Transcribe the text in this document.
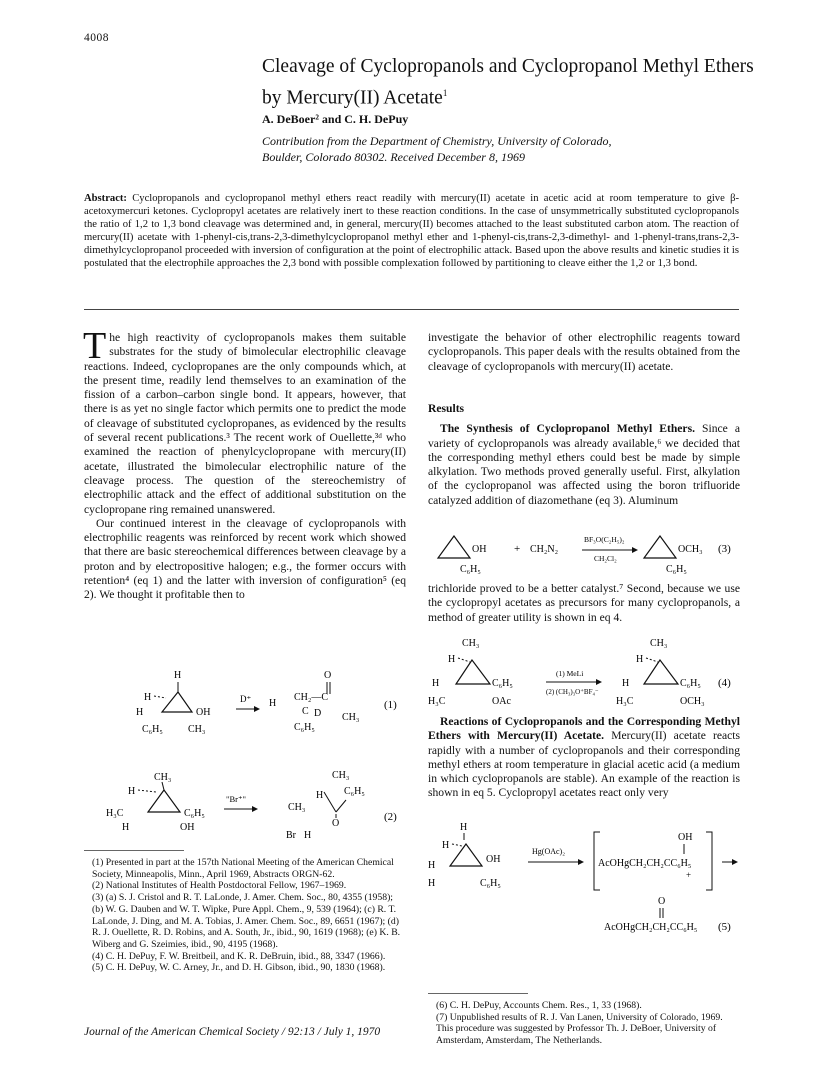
4008
Cleavage of Cyclopropanols and Cyclopropanol Methyl Ethers
by Mercury(II) Acetate$^1$
A. DeBoer² and C. H. DePuy
Contribution from the Department of Chemistry, University of Colorado,
Boulder, Colorado 80302. Received December 8, 1969
Abstract: Cyclopropanols and cyclopropanol methyl ethers react readily with mercury(II) acetate in acetic acid at room temperature to give β-acetoxymercuri ketones. Cyclopropyl acetates are relatively inert to these reaction conditions. In the case of unsymmetrically substituted cyclopropanols the ratio of 1,2 to 1,3 bond cleavage was determined and, in general, mercury(II) becomes attached to the least substituted carbon atom. The reaction of mercury(II) acetate with 1-phenyl-cis,trans-2,3-dimethylcyclopropanol methyl ether and 1-phenyl-cis,trans-2,3-dimethyl- and 1-phenyl-trans,trans-2,3-dimethylcyclopropanol proceeded with inversion of configuration at the point of electrophilic attack. Based upon the above results and kinetic studies it is postulated that the electrophile approaches the 2,3 bond with possible complexation followed by partitioning to cleave either the 1,2 or 1,3 bond.

The high reactivity of cyclopropanols makes them suitable substrates for the study of bimolecular electrophilic cleavage reactions. Indeed, cyclopropanes are the only compounds which, at the present time, readily lend themselves to an examination of the fission of a carbon–carbon single bond. It appears, however, that there is as yet no single factor which permits one to predict the mode of cleavage of substituted cyclopropanes, as evidenced by the results of several recent publications.³ The recent work of Ouellette,³ᵈ who examined the reaction of phenylcyclopropane with mercury(II) acetate, illustrated the bimolecular electrophilic nature of the cleavage process. The question of the stereochemistry of electrophilic attack and the effect of additional substitution on the cyclopropane ring remained unanswered.

Our continued interest in the cleavage of cyclopropanols with electrophilic reagents was reinforced by recent work which showed that there are basic stereochemical differences between cleavage by a proton and by electropositive halogen; e.g., the former occurs with retention⁴ (eq 1) and the latter with inversion of configuration⁵ (eq 2). We thought it profitable then to

H
H
H	OH
C₆H₅	CH₃
D⁺
O
H
CH₂—C
C D CH₃
C₆H₅
(1)
D⁺
CH₃
H
H₃C	C₆H₅
H	OH
"Br⁺"
CH₃
H C₆H₅
CH₃
O
Br H
(2)

(1) Presented in part at the 157th National Meeting of the American Chemical Society, Minneapolis, Minn., April 1969, Abstracts ORGN-62.

(2) National Institutes of Health Postdoctoral Fellow, 1967–1969.

(3) (a) S. J. Cristol and R. T. LaLonde, J. Amer. Chem. Soc., 80, 4355 (1958); (b) W. G. Dauben and W. T. Wipke, Pure Appl. Chem., 9, 539 (1964); (c) R. T. LaLonde, J. Ding, and M. A. Tobias, J. Amer. Chem. Soc., 89, 6651 (1967); (d) R. J. Ouellette, R. D. Robins, and A. South, Jr., ibid., 90, 1619 (1968); (e) K. B. Wiberg and G. Szeimies, ibid., 90, 4195 (1968).

(4) C. H. DePuy, F. W. Breitbeil, and K. R. DeBruin, ibid., 88, 3347 (1966).

(5) C. H. DePuy, W. C. Arney, Jr., and D. H. Gibson, ibid., 90, 1830 (1968).

investigate the behavior of other electrophilic reagents toward cyclopropanols. This paper deals with the results obtained from the cleavage of cyclopropanols with mercury(II) acetate.
Results

The Synthesis of Cyclopropanol Methyl Ethers. Since a variety of cyclopropanols was already available,⁶ we decided that the corresponding methyl ethers could best be made by simple alkylation. Two methods proved generally useful. First, alkylation of the cyclopropanol was affected using the boron trifluoride catalyzed addition of diazomethane (eq 3). Aluminum

OH
C₆H₅
+ CH₂N₂
BF₃O(C₂H₅)₂
CH₂Cl₂
OCH₃
C₆H₅
(3)
trichloride proved to be a better catalyst.⁷ Second, because we use the cyclopropyl acetates as precursors for many cyclopropanols, a method of greater utility is shown in eq 4.
CH₃
H
H	C₆H₅
H₃C	OAc
(1) MeLi
(2) (CH₃)₃O⁺BF₄⁻
CH₃
H
H	C₆H₅
H₃C	OCH₃
(4)

Reactions of Cyclopropanols and the Corresponding Methyl Ethers with Mercury(II) Acetate. Mercury(II) acetate reacts rapidly with a number of cyclopropanols and their corresponding methyl ethers at room temperature in glacial acetic acid (a medium in which cyclopropanols are stable). An example of the reaction is shown in eq 5. Cyclopropyl acetates react only very

H
H
H
OH
H	C₆H₅
Hg(OAc)₂
OH
AcOHgCH₂CH₂CC₆H₅
+
O
AcOHgCH₂CH₂CC₆H₅ (5)

(6) C. H. DePuy, Accounts Chem. Res., 1, 33 (1968).

(7) Unpublished results of R. J. Van Lanen, University of Colorado, 1969. This procedure was suggested by Professor Th. J. DeBoer, University of Amsterdam, Amsterdam, The Netherlands.

Journal of the American Chemical Society / 92:13 / July 1, 1970
